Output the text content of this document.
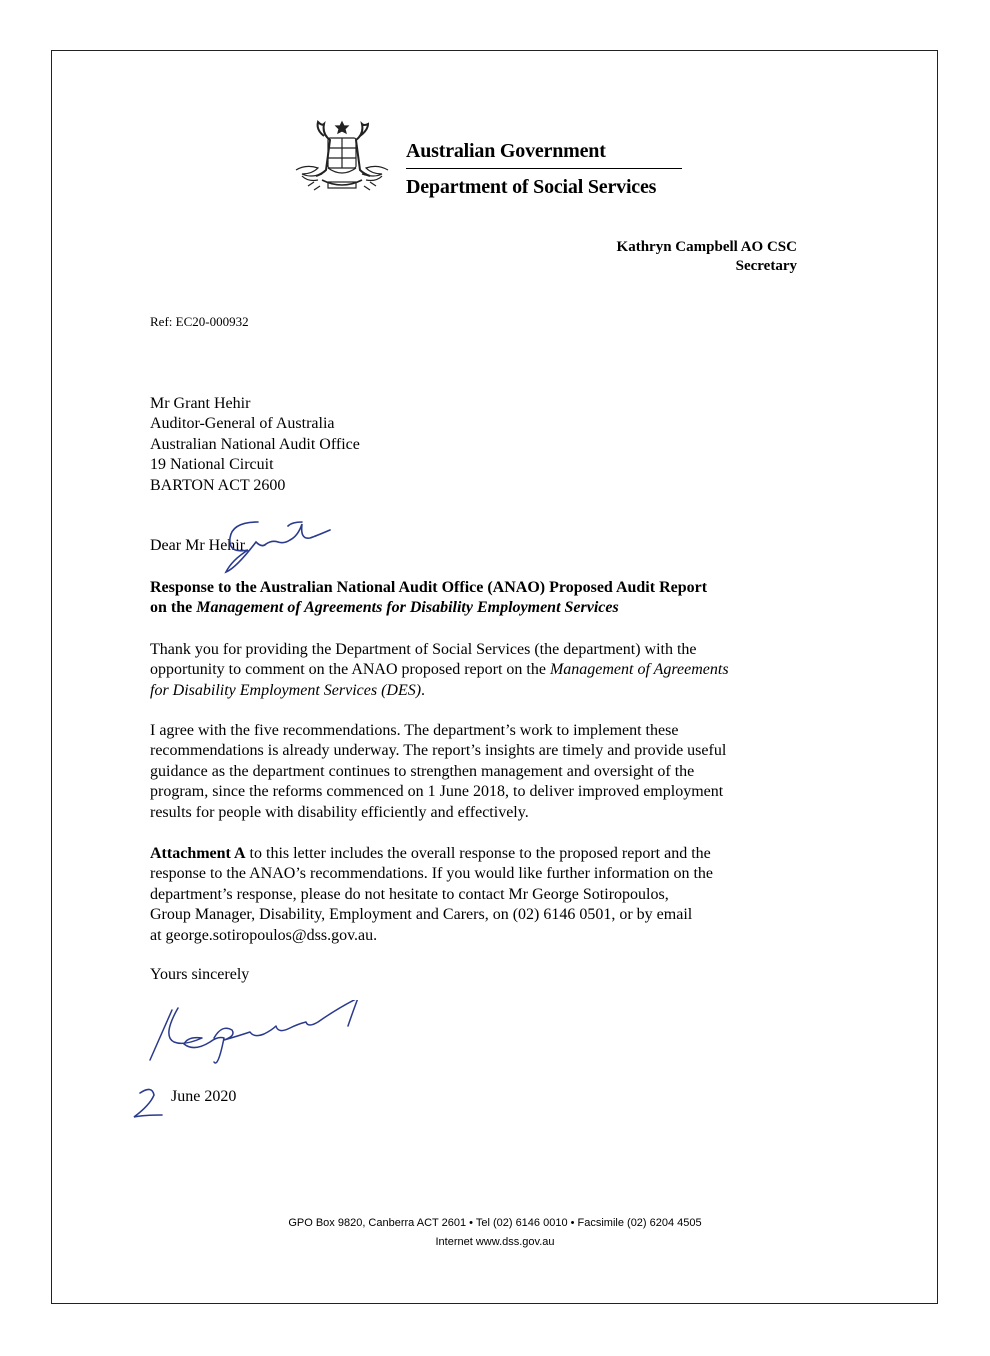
Australian Government
Department of Social Services
Kathryn Campbell AO CSC
Secretary
Ref: EC20-000932
Mr Grant Hehir
Auditor-General of Australia
Australian National Audit Office
19 National Circuit
BARTON ACT 2600
Dear Mr Hehir
Response to the Australian National Audit Office (ANAO) Proposed Audit Report
on the Management of Agreements for Disability Employment Services
Thank you for providing the Department of Social Services (the department) with the
opportunity to comment on the ANAO proposed report on the Management of Agreements
for Disability Employment Services (DES).
I agree with the five recommendations. The department’s work to implement these
recommendations is already underway. The report’s insights are timely and provide useful
guidance as the department continues to strengthen management and oversight of the
program, since the reforms commenced on 1 June 2018, to deliver improved employment
results for people with disability efficiently and effectively.
Attachment A to this letter includes the overall response to the proposed report and the
response to the ANAO’s recommendations. If you would like further information on the
department’s response, please do not hesitate to contact Mr George Sotiropoulos,
Group Manager, Disability, Employment and Carers, on (02) 6146 0501, or by email
at george.sotiropoulos@dss.gov.au.
Yours sincerely
June 2020
GPO Box 9820, Canberra ACT 2601 • Tel (02) 6146 0010 • Facsimile (02) 6204 4505
Internet www.dss.gov.au
